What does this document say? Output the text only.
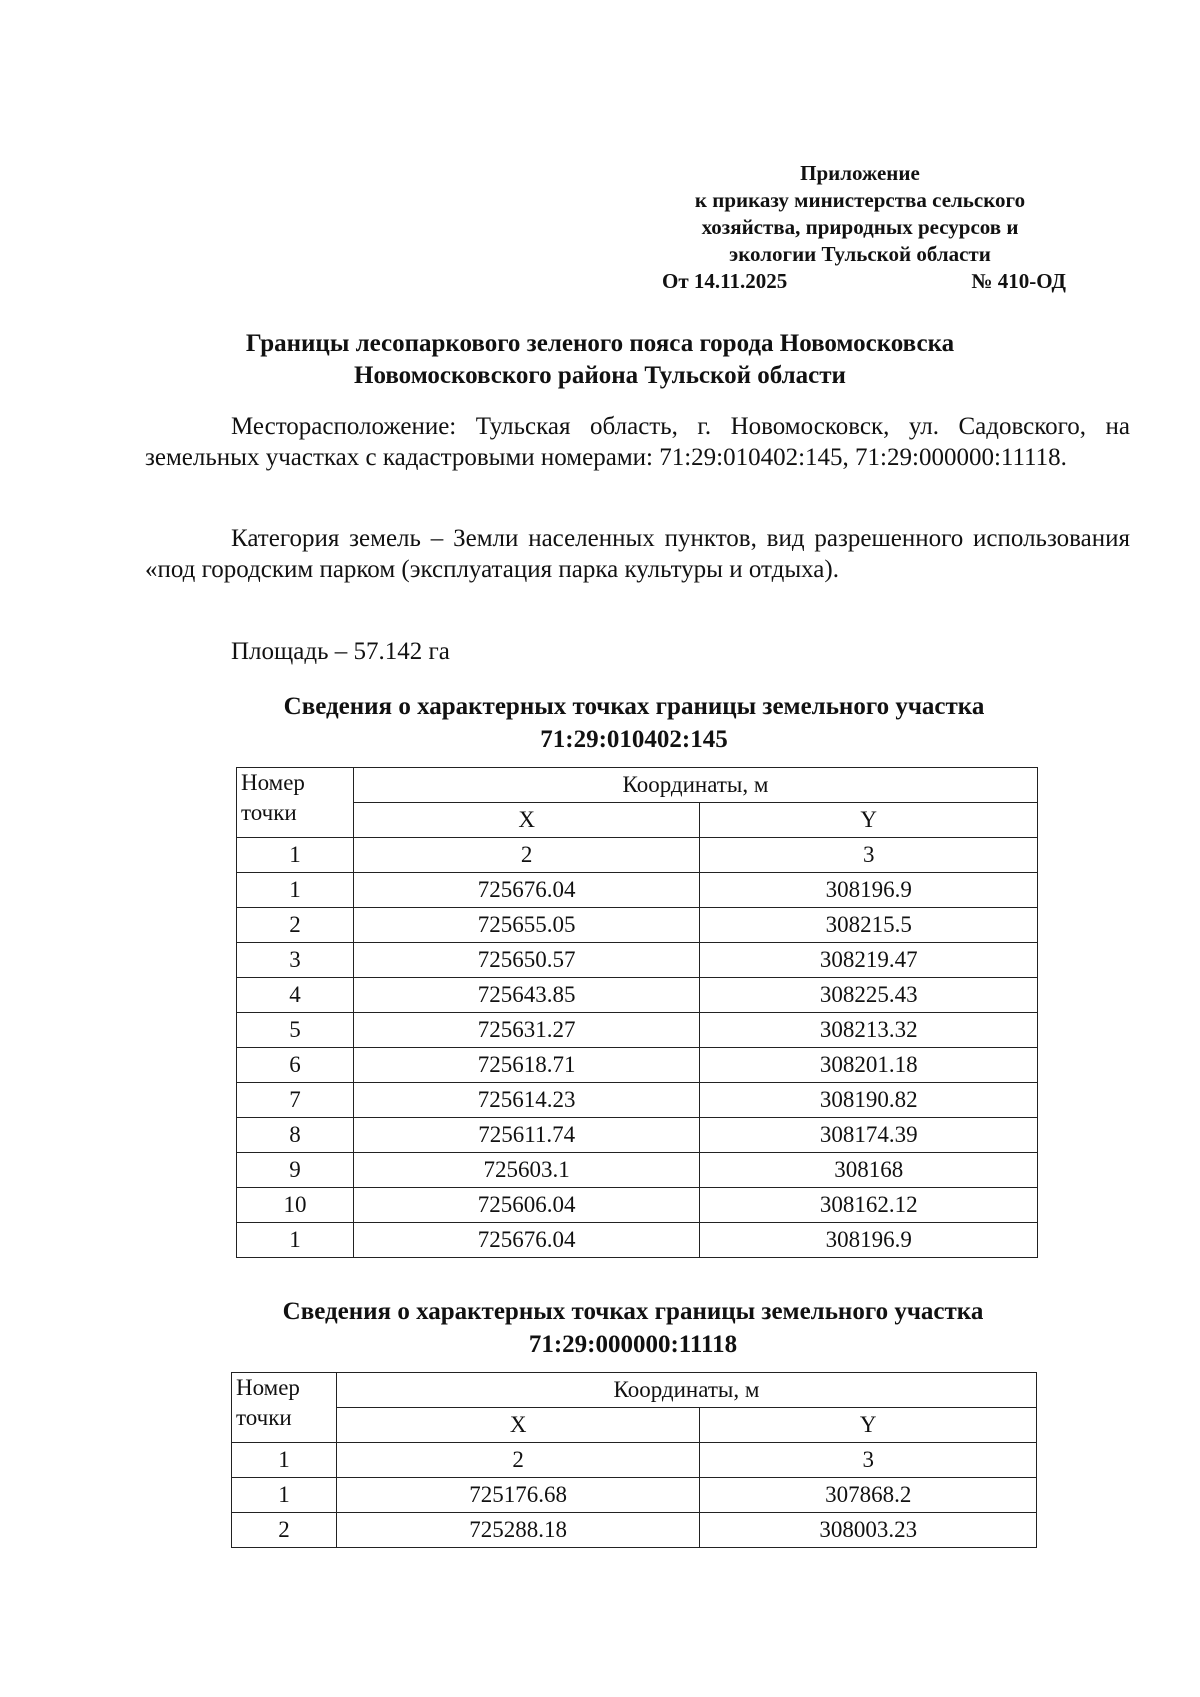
Приложение
к приказу министерства сельского
хозяйства, природных ресурсов и
экологии Тульской области
От 14.11.2025	№ 410-ОД
Границы лесопаркового зеленого пояса города Новомосковска
Новомосковского района Тульской области
Месторасположение: Тульская область, г. Новомосковск, ул. Садовского, на земельных участках с кадастровыми номерами: 71:29:010402:145, 71:29:000000:11118.
Категория земель – Земли населенных пунктов, вид разрешенного использования «под городским парком (эксплуатация парка культуры и отдыха).
Площадь – 57.142 га
Сведения о характерных точках границы земельного участка
71:29:010402:145
Номер
точки	Координаты, м	
	X	Y
1	2	3
1	725676.04	308196.9
2	725655.05	308215.5
3	725650.57	308219.47
4	725643.85	308225.43
5	725631.27	308213.32
6	725618.71	308201.18
7	725614.23	308190.82
8	725611.74	308174.39
9	725603.1	308168
10	725606.04	308162.12
1	725676.04	308196.9
Сведения о характерных точках границы земельного участка
71:29:000000:11118
Номер
точки	Координаты, м	
	X	Y
1	2	3
1	725176.68	307868.2
2	725288.18	308003.23
